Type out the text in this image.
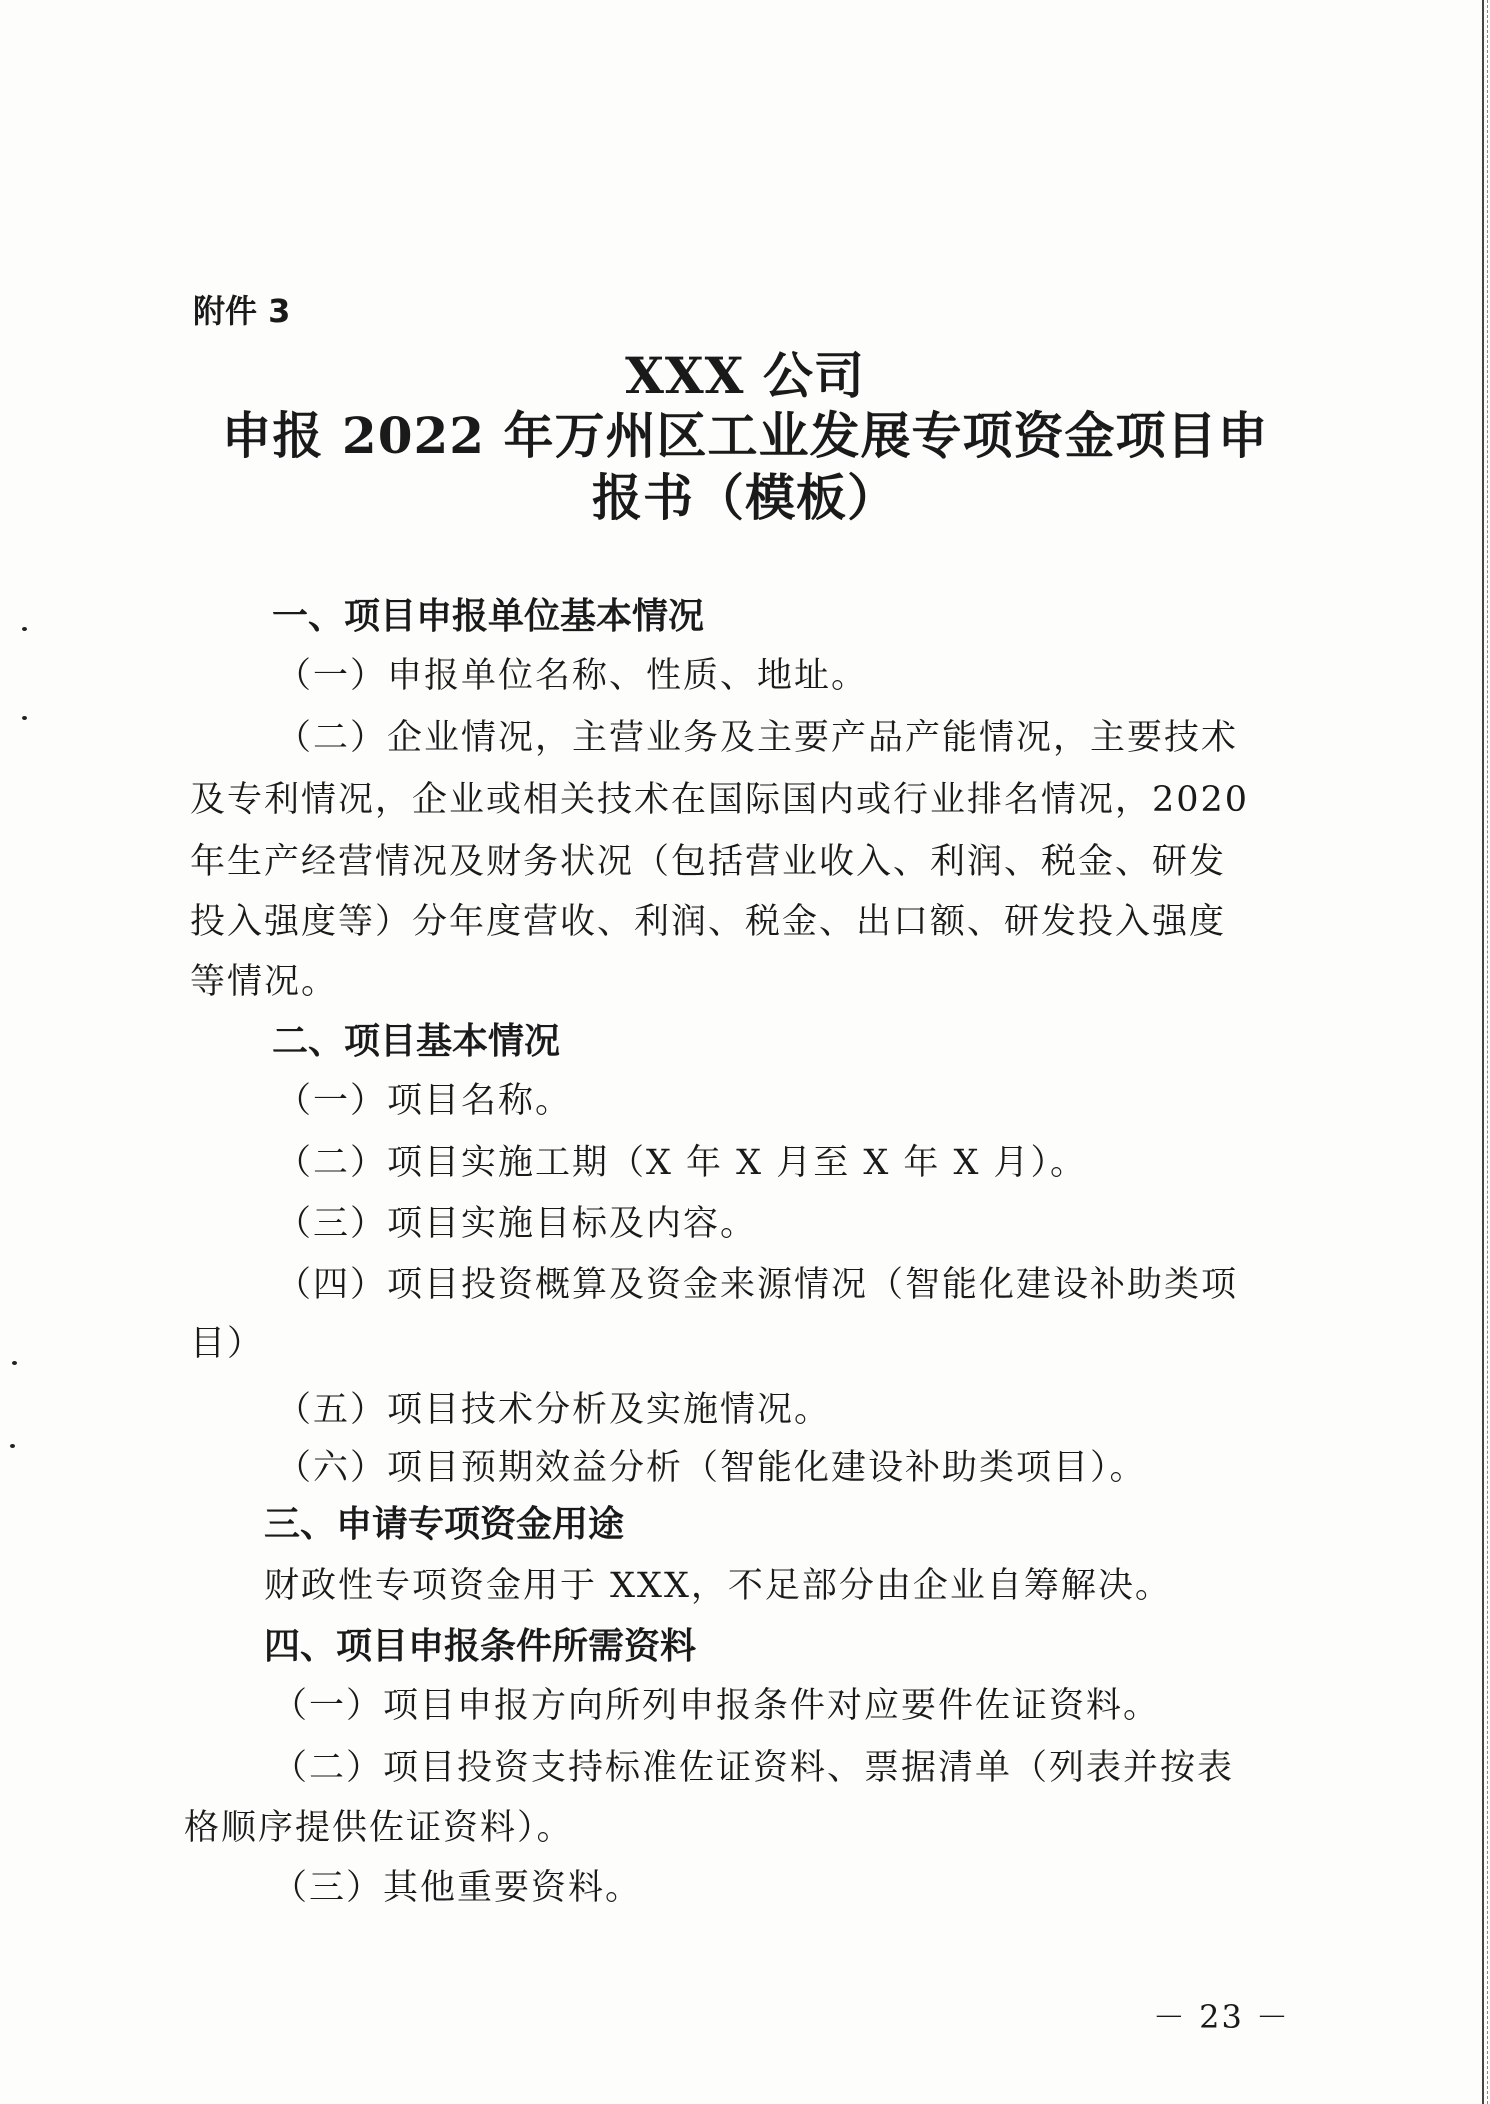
附件 3
XXX 公司
申报 2022 年万州区工业发展专项资金项目申
报书（模板）
一、项目申报单位基本情况
（一）申报单位名称、性质、地址。
（二）企业情况，主营业务及主要产品产能情况，主要技术
及专利情况，企业或相关技术在国际国内或行业排名情况，2020
年生产经营情况及财务状况（包括营业收入、利润、税金、研发
投入强度等）分年度营收、利润、税金、出口额、研发投入强度
等情况。
二、项目基本情况
（一）项目名称。
（二）项目实施工期（X 年 X 月至 X 年 X 月）。
（三）项目实施目标及内容。
（四）项目投资概算及资金来源情况（智能化建设补助类项
目）
（五）项目技术分析及实施情况。
（六）项目预期效益分析（智能化建设补助类项目）。
三、申请专项资金用途
财政性专项资金用于 XXX，不足部分由企业自筹解决。
四、项目申报条件所需资料
（一）项目申报方向所列申报条件对应要件佐证资料。
（二）项目投资支持标准佐证资料、票据清单（列表并按表
格顺序提供佐证资料）。
（三）其他重要资料。
－ 23 －
